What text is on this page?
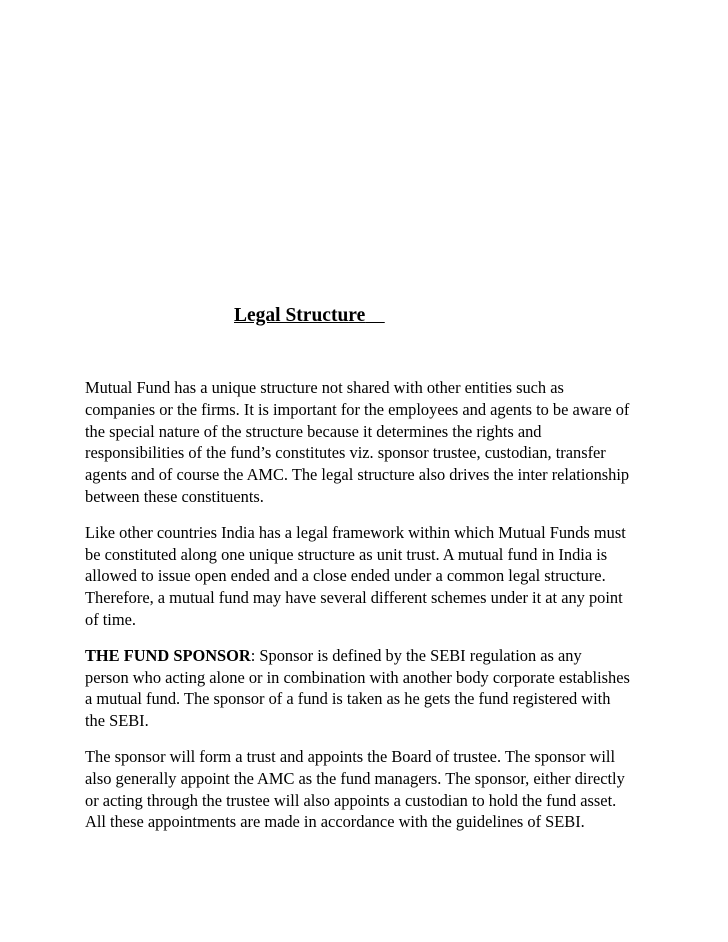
Legal Structure

Mutual Fund has a unique structure not shared with other entities such as
companies or the firms. It is important for the employees and agents to be aware of
the special nature of the structure because it determines the rights and
responsibilities of the fund’s constitutes viz. sponsor trustee, custodian, transfer
agents and of course the AMC. The legal structure also drives the inter relationship
between these constituents.

Like other countries India has a legal framework within which Mutual Funds must
be constituted along one unique structure as unit trust. A mutual fund in India is
allowed to issue open ended and a close ended under a common legal structure.
Therefore, a mutual fund may have several different schemes under it at any point
of time.

THE FUND SPONSOR: Sponsor is defined by the SEBI regulation as any
person who acting alone or in combination with another body corporate establishes
a mutual fund. The sponsor of a fund is taken as he gets the fund registered with
the SEBI.

The sponsor will form a trust and appoints the Board of trustee. The sponsor will
also generally appoint the AMC as the fund managers. The sponsor, either directly
or acting through the trustee will also appoints a custodian to hold the fund asset.
All these appointments are made in accordance with the guidelines of SEBI.
